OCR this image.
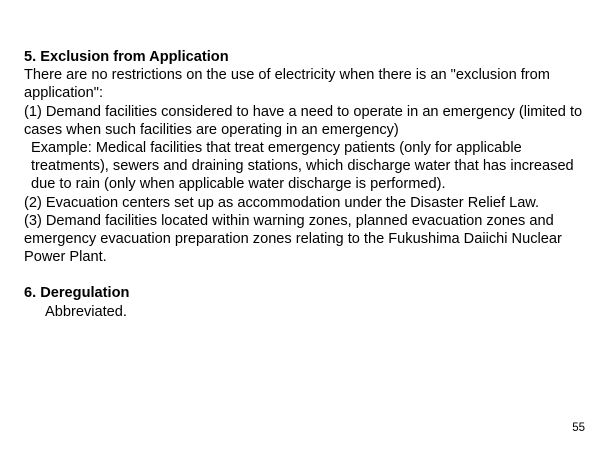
5. Exclusion from Application

There are no restrictions on the use of electricity when there is an "exclusion from application":

(1) Demand facilities considered to have a need to operate in an emergency (limited to cases when such facilities are operating in an emergency)

Example: Medical facilities that treat emergency patients (only for applicable treatments), sewers and draining stations, which discharge water that has increased due to rain (only when applicable water discharge is performed).

(2) Evacuation centers set up as accommodation under the Disaster Relief Law.

(3) Demand facilities located within warning zones, planned evacuation zones and emergency evacuation preparation zones relating to the Fukushima Daiichi Nuclear Power Plant.

6. Deregulation

Abbreviated.

55
